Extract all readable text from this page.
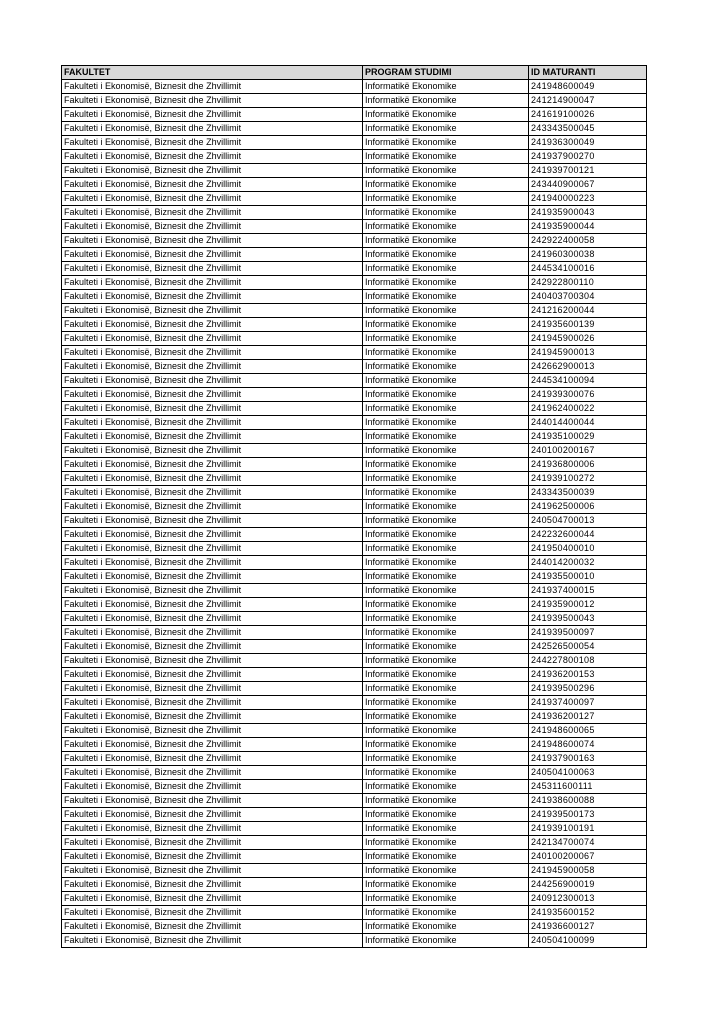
FAKULTET	PROGRAM STUDIMI	ID MATURANTI
Fakulteti i Ekonomisë, Biznesit dhe Zhvillimit	Informatikë Ekonomike	241948600049
Fakulteti i Ekonomisë, Biznesit dhe Zhvillimit	Informatikë Ekonomike	241214900047
Fakulteti i Ekonomisë, Biznesit dhe Zhvillimit	Informatikë Ekonomike	241619100026
Fakulteti i Ekonomisë, Biznesit dhe Zhvillimit	Informatikë Ekonomike	243343500045
Fakulteti i Ekonomisë, Biznesit dhe Zhvillimit	Informatikë Ekonomike	241936300049
Fakulteti i Ekonomisë, Biznesit dhe Zhvillimit	Informatikë Ekonomike	241937900270
Fakulteti i Ekonomisë, Biznesit dhe Zhvillimit	Informatikë Ekonomike	241939700121
Fakulteti i Ekonomisë, Biznesit dhe Zhvillimit	Informatikë Ekonomike	243440900067
Fakulteti i Ekonomisë, Biznesit dhe Zhvillimit	Informatikë Ekonomike	241940000223
Fakulteti i Ekonomisë, Biznesit dhe Zhvillimit	Informatikë Ekonomike	241935900043
Fakulteti i Ekonomisë, Biznesit dhe Zhvillimit	Informatikë Ekonomike	241935900044
Fakulteti i Ekonomisë, Biznesit dhe Zhvillimit	Informatikë Ekonomike	242922400058
Fakulteti i Ekonomisë, Biznesit dhe Zhvillimit	Informatikë Ekonomike	241960300038
Fakulteti i Ekonomisë, Biznesit dhe Zhvillimit	Informatikë Ekonomike	244534100016
Fakulteti i Ekonomisë, Biznesit dhe Zhvillimit	Informatikë Ekonomike	242922800110
Fakulteti i Ekonomisë, Biznesit dhe Zhvillimit	Informatikë Ekonomike	240403700304
Fakulteti i Ekonomisë, Biznesit dhe Zhvillimit	Informatikë Ekonomike	241216200044
Fakulteti i Ekonomisë, Biznesit dhe Zhvillimit	Informatikë Ekonomike	241935600139
Fakulteti i Ekonomisë, Biznesit dhe Zhvillimit	Informatikë Ekonomike	241945900026
Fakulteti i Ekonomisë, Biznesit dhe Zhvillimit	Informatikë Ekonomike	241945900013
Fakulteti i Ekonomisë, Biznesit dhe Zhvillimit	Informatikë Ekonomike	242662900013
Fakulteti i Ekonomisë, Biznesit dhe Zhvillimit	Informatikë Ekonomike	244534100094
Fakulteti i Ekonomisë, Biznesit dhe Zhvillimit	Informatikë Ekonomike	241939300076
Fakulteti i Ekonomisë, Biznesit dhe Zhvillimit	Informatikë Ekonomike	241962400022
Fakulteti i Ekonomisë, Biznesit dhe Zhvillimit	Informatikë Ekonomike	244014400044
Fakulteti i Ekonomisë, Biznesit dhe Zhvillimit	Informatikë Ekonomike	241935100029
Fakulteti i Ekonomisë, Biznesit dhe Zhvillimit	Informatikë Ekonomike	240100200167
Fakulteti i Ekonomisë, Biznesit dhe Zhvillimit	Informatikë Ekonomike	241936800006
Fakulteti i Ekonomisë, Biznesit dhe Zhvillimit	Informatikë Ekonomike	241939100272
Fakulteti i Ekonomisë, Biznesit dhe Zhvillimit	Informatikë Ekonomike	243343500039
Fakulteti i Ekonomisë, Biznesit dhe Zhvillimit	Informatikë Ekonomike	241962500006
Fakulteti i Ekonomisë, Biznesit dhe Zhvillimit	Informatikë Ekonomike	240504700013
Fakulteti i Ekonomisë, Biznesit dhe Zhvillimit	Informatikë Ekonomike	242232600044
Fakulteti i Ekonomisë, Biznesit dhe Zhvillimit	Informatikë Ekonomike	241950400010
Fakulteti i Ekonomisë, Biznesit dhe Zhvillimit	Informatikë Ekonomike	244014200032
Fakulteti i Ekonomisë, Biznesit dhe Zhvillimit	Informatikë Ekonomike	241935500010
Fakulteti i Ekonomisë, Biznesit dhe Zhvillimit	Informatikë Ekonomike	241937400015
Fakulteti i Ekonomisë, Biznesit dhe Zhvillimit	Informatikë Ekonomike	241935900012
Fakulteti i Ekonomisë, Biznesit dhe Zhvillimit	Informatikë Ekonomike	241939500043
Fakulteti i Ekonomisë, Biznesit dhe Zhvillimit	Informatikë Ekonomike	241939500097
Fakulteti i Ekonomisë, Biznesit dhe Zhvillimit	Informatikë Ekonomike	242526500054
Fakulteti i Ekonomisë, Biznesit dhe Zhvillimit	Informatikë Ekonomike	244227800108
Fakulteti i Ekonomisë, Biznesit dhe Zhvillimit	Informatikë Ekonomike	241936200153
Fakulteti i Ekonomisë, Biznesit dhe Zhvillimit	Informatikë Ekonomike	241939500296
Fakulteti i Ekonomisë, Biznesit dhe Zhvillimit	Informatikë Ekonomike	241937400097
Fakulteti i Ekonomisë, Biznesit dhe Zhvillimit	Informatikë Ekonomike	241936200127
Fakulteti i Ekonomisë, Biznesit dhe Zhvillimit	Informatikë Ekonomike	241948600065
Fakulteti i Ekonomisë, Biznesit dhe Zhvillimit	Informatikë Ekonomike	241948600074
Fakulteti i Ekonomisë, Biznesit dhe Zhvillimit	Informatikë Ekonomike	241937900163
Fakulteti i Ekonomisë, Biznesit dhe Zhvillimit	Informatikë Ekonomike	240504100063
Fakulteti i Ekonomisë, Biznesit dhe Zhvillimit	Informatikë Ekonomike	245311600111
Fakulteti i Ekonomisë, Biznesit dhe Zhvillimit	Informatikë Ekonomike	241938600088
Fakulteti i Ekonomisë, Biznesit dhe Zhvillimit	Informatikë Ekonomike	241939500173
Fakulteti i Ekonomisë, Biznesit dhe Zhvillimit	Informatikë Ekonomike	241939100191
Fakulteti i Ekonomisë, Biznesit dhe Zhvillimit	Informatikë Ekonomike	242134700074
Fakulteti i Ekonomisë, Biznesit dhe Zhvillimit	Informatikë Ekonomike	240100200067
Fakulteti i Ekonomisë, Biznesit dhe Zhvillimit	Informatikë Ekonomike	241945900058
Fakulteti i Ekonomisë, Biznesit dhe Zhvillimit	Informatikë Ekonomike	244256900019
Fakulteti i Ekonomisë, Biznesit dhe Zhvillimit	Informatikë Ekonomike	240912300013
Fakulteti i Ekonomisë, Biznesit dhe Zhvillimit	Informatikë Ekonomike	241935600152
Fakulteti i Ekonomisë, Biznesit dhe Zhvillimit	Informatikë Ekonomike	241936600127
Fakulteti i Ekonomisë, Biznesit dhe Zhvillimit	Informatikë Ekonomike	240504100099
